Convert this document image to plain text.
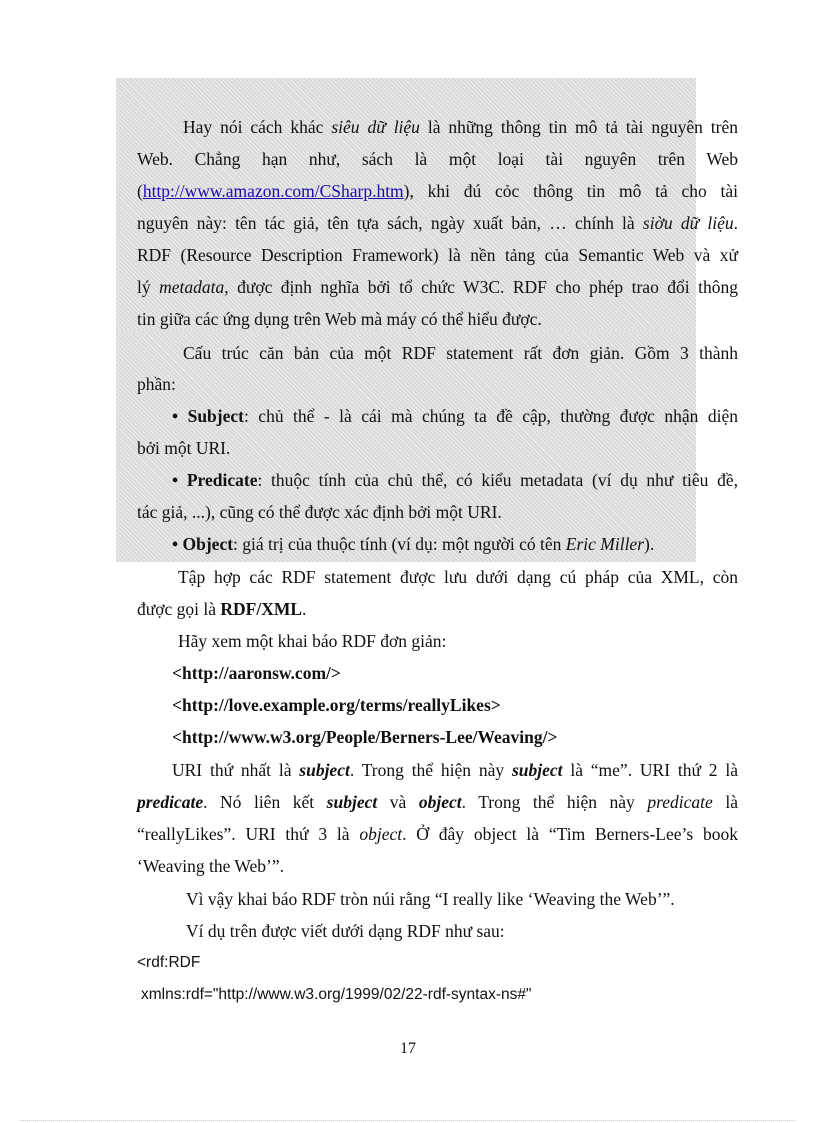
Hay nói cách khác siêu dữ liệu là những thông tin mô tả tài nguyên trên
Web. Chẳng hạn như, sách là một loại tài nguyên trên Web
(http://www.amazon.com/CSharp.htm), khi đú cỏc thông tin mô tả cho tài
nguyên này: tên tác giả, tên tựa sách, ngày xuất bản, … chính là siờu dữ liệu.
RDF (Resource Description Framework) là nền tảng của Semantic Web và xử
lý metadata, được định nghĩa bởi tổ chức W3C. RDF cho phép trao đổi thông
tin giữa các ứng dụng trên Web mà máy có thể hiểu được.
Cấu trúc căn bản của một RDF statement rất đơn giản. Gồm 3 thành
phần:
• Subject: chủ thể - là cái mà chúng ta đề cập, thường được nhận diện
bởi một URI.
• Predicate: thuộc tính của chủ thể, có kiểu metadata (ví dụ như tiêu đề,
tác giả, ...), cũng có thể được xác định bởi một URI.
• Object: giá trị của thuộc tính (ví dụ: một người có tên Eric Miller).
Tập hợp các RDF statement được lưu dưới dạng cú pháp của XML, còn
được gọi là RDF/XML.
Hãy xem một khai báo RDF đơn giản:
<http://aaronsw.com/>
<http://love.example.org/terms/reallyLikes>
<http://www.w3.org/People/Berners-Lee/Weaving/>
URI thứ nhất là subject. Trong thể hiện này subject là “me”. URI thứ 2 là
predicate. Nó liên kết subject và object. Trong thể hiện này predicate là
“reallyLikes”. URI thứ 3 là object. Ở đây object là “Tim Berners-Lee’s book
‘Weaving the Web’”.
Vì vậy khai báo RDF tròn núi rằng “I really like ‘Weaving the Web’”.
Ví dụ trên được viết dưới dạng RDF như sau:
<rdf:RDF
xmlns:rdf="http://www.w3.org/1999/02/22-rdf-syntax-ns#"
17
